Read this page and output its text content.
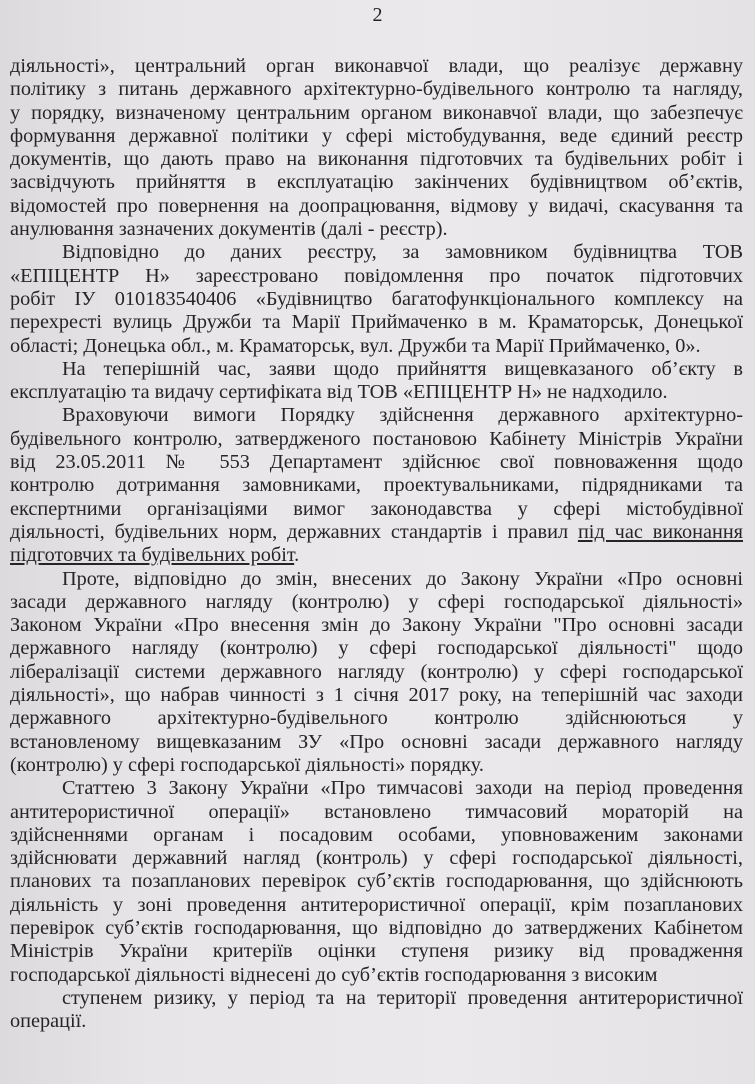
2
діяльності», центральний орган виконавчої влади, що реалізує державну
політику з питань державного архітектурно-будівельного контролю та нагляду,
у порядку, визначеному центральним органом виконавчої влади, що забезпечує
формування державної політики у сфері містобудування, веде єдиний реєстр
документів, що дають право на виконання підготовчих та будівельних робіт і
засвідчують прийняття в експлуатацію закінчених будівництвом об’єктів,
відомостей про повернення на доопрацювання, відмову у видачі, скасування та
анулювання зазначених документів (далі - реєстр).
Відповідно до даних реєстру, за замовником будівництва ТОВ
«ЕПІЦЕНТР Н» зареєстровано повідомлення про початок підготовчих
робіт ІУ 010183540406 «Будівництво багатофункціонального комплексу на
перехресті вулиць Дружби та Марії Приймаченко в м. Краматорськ, Донецької
області; Донецька обл., м. Краматорськ, вул. Дружби та Марії Приймаченко, 0».
На теперішній час, заяви щодо прийняття вищевказаного об’єкту в
експлуатацію та видачу сертифіката від ТОВ «ЕПІЦЕНТР Н» не надходило.
Враховуючи вимоги Порядку здійснення державного архітектурно-
будівельного контролю, затвердженого постановою Кабінету Міністрів України
від 23.05.2011 № 553 Департамент здійснює свої повноваження щодо
контролю дотримання замовниками, проектувальниками, підрядниками та
експертними організаціями вимог законодавства у сфері містобудівної
діяльності, будівельних норм, державних стандартів і правил під час виконання
підготовчих та будівельних робіт.
Проте, відповідно до змін, внесених до Закону України «Про основні
засади державного нагляду (контролю) у сфері господарської діяльності»
Законом України «Про внесення змін до Закону України "Про основні засади
державного нагляду (контролю) у сфері господарської діяльності" щодо
лібералізації системи державного нагляду (контролю) у сфері господарської
діяльності», що набрав чинності з 1 січня 2017 року, на теперішній час заходи
державного архітектурно-будівельного контролю здійснюються у
встановленому вищевказаним ЗУ «Про основні засади державного нагляду
(контролю) у сфері господарської діяльності» порядку.
Статтею 3 Закону України «Про тимчасові заходи на період проведення
антитерористичної операції» встановлено тимчасовий мораторій на
здійсненнями органам і посадовим особами, уповноваженим законами
здійснювати державний нагляд (контроль) у сфері господарської діяльності,
планових та позапланових перевірок суб’єктів господарювання, що здійснюють
діяльність у зоні проведення антитерористичної операції, крім позапланових
перевірок суб’єктів господарювання, що відповідно до затверджених Кабінетом
Міністрів України критеріїв оцінки ступеня ризику від провадження
господарської діяльності віднесені до суб’єктів господарювання з високим
ступенем ризику, у період та на території проведення антитерористичної
операції.
